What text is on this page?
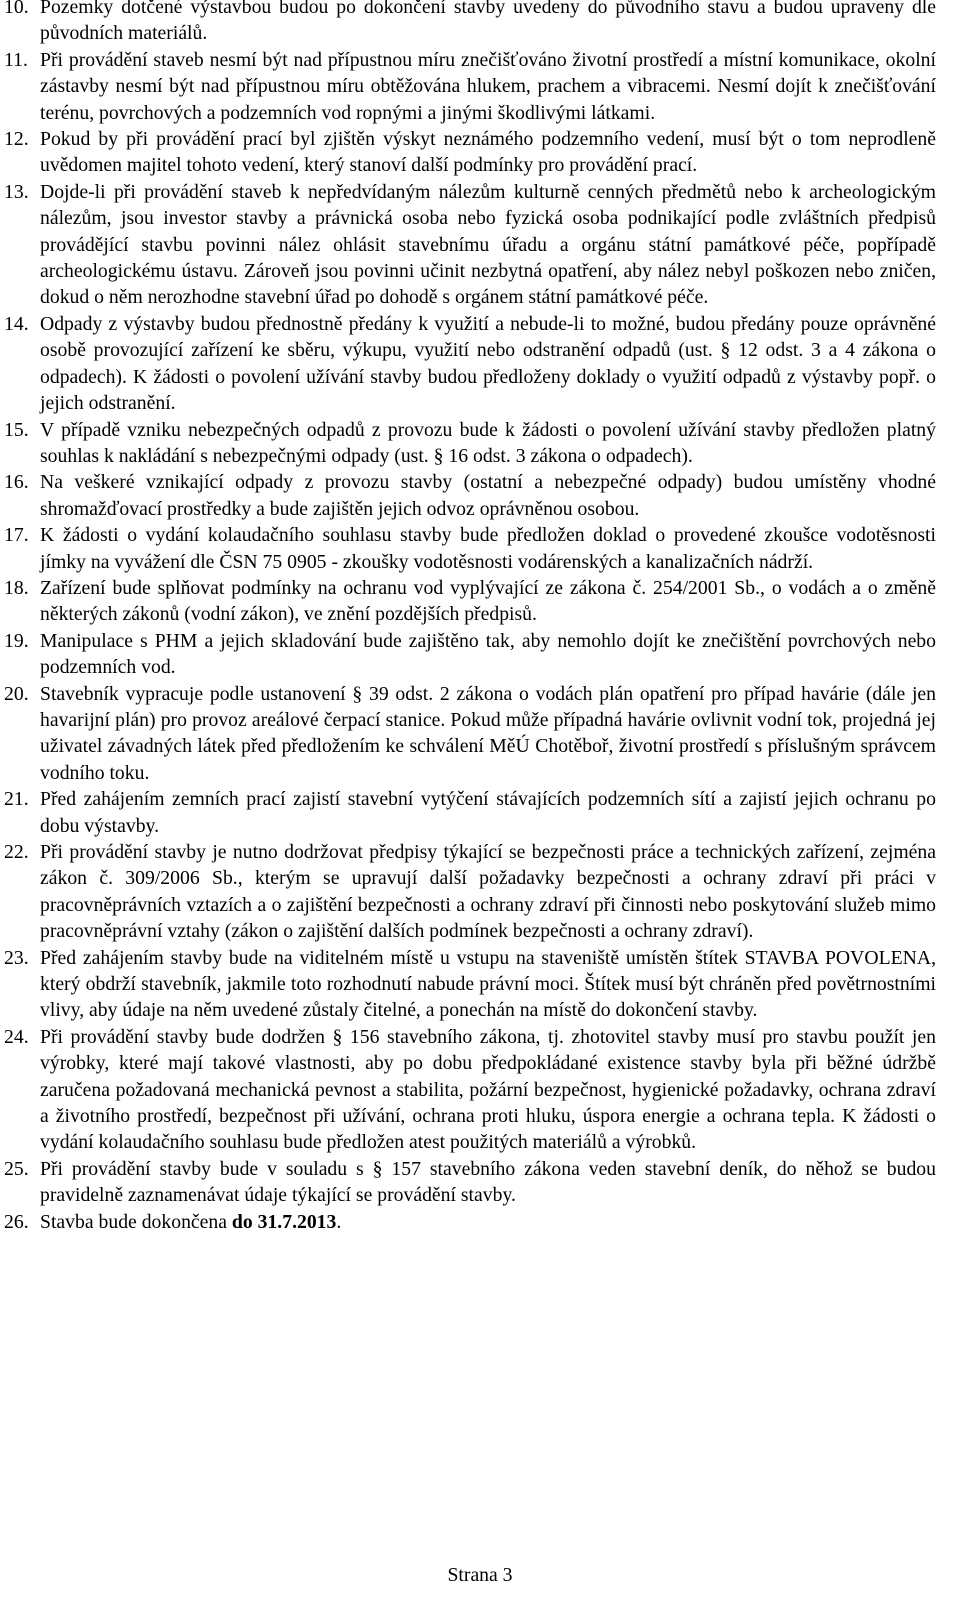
10. Pozemky dotčené výstavbou budou po dokončení stavby uvedeny do původního stavu a budou upraveny dle původních materiálů.
11. Při provádění staveb nesmí být nad přípustnou míru znečišťováno životní prostředí a místní komunikace, okolní zástavby nesmí být nad přípustnou míru obtěžována hlukem, prachem a vibracemi. Nesmí dojít k znečišťování terénu, povrchových a podzemních vod ropnými a jinými škodlivými látkami.
12. Pokud by při provádění prací byl zjištěn výskyt neznámého podzemního vedení, musí být o tom neprodleně uvědomen majitel tohoto vedení, který stanoví další podmínky pro provádění prací.
13. Dojde-li při provádění staveb k nepředvídaným nálezům kulturně cenných předmětů nebo k archeologickým nálezům, jsou investor stavby a právnická osoba nebo fyzická osoba podnikající podle zvláštních předpisů provádějící stavbu povinni nález ohlásit stavebnímu úřadu a orgánu státní památkové péče, popřípadě archeologickému ústavu. Zároveň jsou povinni učinit nezbytná opatření, aby nález nebyl poškozen nebo zničen, dokud o něm nerozhodne stavební úřad po dohodě s orgánem státní památkové péče.
14. Odpady z výstavby budou přednostně předány k využití a nebude-li to možné, budou předány pouze oprávněné osobě provozující zařízení ke sběru, výkupu, využití nebo odstranění odpadů (ust. § 12 odst. 3 a 4 zákona o odpadech). K žádosti o povolení užívání stavby budou předloženy doklady o využití odpadů z výstavby popř. o jejich odstranění.
15. V případě vzniku nebezpečných odpadů z provozu bude k žádosti o povolení užívání stavby předložen platný souhlas k nakládání s nebezpečnými odpady (ust. § 16 odst. 3 zákona o odpadech).
16. Na veškeré vznikající odpady z provozu stavby (ostatní a nebezpečné odpady) budou umístěny vhodné shromažďovací prostředky a bude zajištěn jejich odvoz oprávněnou osobou.
17. K žádosti o vydání kolaudačního souhlasu stavby bude předložen doklad o provedené zkoušce vodotěsnosti jímky na vyvážení dle ČSN 75 0905 - zkoušky vodotěsnosti vodárenských a kanalizačních nádrží.
18. Zařízení bude splňovat podmínky na ochranu vod vyplývající ze zákona č. 254/2001 Sb., o vodách a o změně některých zákonů (vodní zákon), ve znění pozdějších předpisů.
19. Manipulace s PHM a jejich skladování bude zajištěno tak, aby nemohlo dojít ke znečištění povrchových nebo podzemních vod.
20. Stavebník vypracuje podle ustanovení § 39 odst. 2 zákona o vodách plán opatření pro případ havárie (dále jen havarijní plán) pro provoz areálové čerpací stanice. Pokud může případná havárie ovlivnit vodní tok, projedná jej uživatel závadných látek před předložením ke schválení MěÚ Chotěboř, životní prostředí s příslušným správcem vodního toku.
21. Před zahájením zemních prací zajistí stavební vytýčení stávajících podzemních sítí a zajistí jejich ochranu po dobu výstavby.
22. Při provádění stavby je nutno dodržovat předpisy týkající se bezpečnosti práce a technických zařízení, zejména zákon č. 309/2006 Sb., kterým se upravují další požadavky bezpečnosti a ochrany zdraví při práci v pracovněprávních vztazích a o zajištění bezpečnosti a ochrany zdraví při činnosti nebo poskytování služeb mimo pracovněprávní vztahy (zákon o zajištění dalších podmínek bezpečnosti a ochrany zdraví).
23. Před zahájením stavby bude na viditelném místě u vstupu na staveniště umístěn štítek STAVBA POVOLENA, který obdrží stavebník, jakmile toto rozhodnutí nabude právní moci. Štítek musí být chráněn před povětrnostními vlivy, aby údaje na něm uvedené zůstaly čitelné, a ponechán na místě do dokončení stavby.
24. Při provádění stavby bude dodržen § 156 stavebního zákona, tj. zhotovitel stavby musí pro stavbu použít jen výrobky, které mají takové vlastnosti, aby po dobu předpokládané existence stavby byla při běžné údržbě zaručena požadovaná mechanická pevnost a stabilita, požární bezpečnost, hygienické požadavky, ochrana zdraví a životního prostředí, bezpečnost při užívání, ochrana proti hluku, úspora energie a ochrana tepla. K žádosti o vydání kolaudačního souhlasu bude předložen atest použitých materiálů a výrobků.
25. Při provádění stavby bude v souladu s § 157 stavebního zákona veden stavební deník, do něhož se budou pravidelně zaznamenávat údaje týkající se provádění stavby.
26. Stavba bude dokončena do 31.7.2013.
Strana 3
